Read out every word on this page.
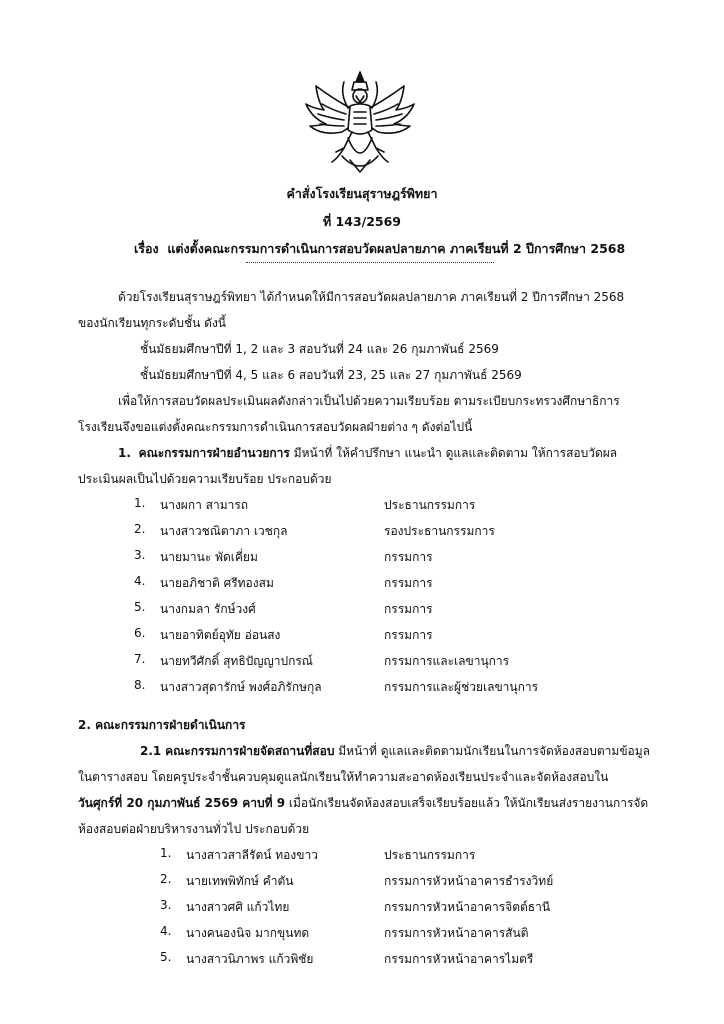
คำสั่งโรงเรียนสุราษฎร์พิทยา
ที่ 143/2569
เรื่อง แต่งตั้งคณะกรรมการดำเนินการสอบวัดผลปลายภาค ภาคเรียนที่ 2 ปีการศึกษา 2568
ด้วยโรงเรียนสุราษฎร์พิทยา ได้กำหนดให้มีการสอบวัดผลปลายภาค ภาคเรียนที่ 2 ปีการศึกษา 2568
ของนักเรียนทุกระดับชั้น ดังนี้
ชั้นมัธยมศึกษาปีที่ 1, 2 และ 3 สอบวันที่ 24 และ 26 กุมภาพันธ์ 2569
ชั้นมัธยมศึกษาปีที่ 4, 5 และ 6 สอบวันที่ 23, 25 และ 27 กุมภาพันธ์ 2569
เพื่อให้การสอบวัดผลประเมินผลดังกล่าวเป็นไปด้วยความเรียบร้อย ตามระเบียบกระทรวงศึกษาธิการ
โรงเรียนจึงขอแต่งตั้งคณะกรรมการดำเนินการสอบวัดผลฝ่ายต่าง ๆ ดังต่อไปนี้
1. คณะกรรมการฝ่ายอำนวยการ มีหน้าที่ ให้คำปรึกษา แนะนำ ดูแลและติดตาม ให้การสอบวัดผล
ประเมินผลเป็นไปด้วยความเรียบร้อย ประกอบด้วย
1. นางผกา สามารถ	ประธานกรรมการ
2. นางสาวชณิตาภา เวชกุล	รองประธานกรรมการ
3. นายมานะ พัดเคี่ยม	กรรมการ
4. นายอภิชาติ ศรีทองสม	กรรมการ
5. นางกมลา รักษ์วงศ์	กรรมการ
6. นายอาทิตย์อุทัย อ่อนสง	กรรมการ
7. นายทวีศักดิ์ สุทธิปัญญาปกรณ์	กรรมการและเลขานุการ
8. นางสาวสุดารักษ์ พงศ์อภิรักษกุล	กรรมการและผู้ช่วยเลขานุการ
2. คณะกรรมการฝ่ายดำเนินการ
2.1 คณะกรรมการฝ่ายจัดสถานที่สอบ มีหน้าที่ ดูแลและติดตามนักเรียนในการจัดห้องสอบตามข้อมูล
ในตารางสอบ โดยครูประจำชั้นควบคุมดูแลนักเรียนให้ทำความสะอาดห้องเรียนประจำและจัดห้องสอบใน
วันศุกร์ที่ 20 กุมภาพันธ์ 2569 คาบที่ 9 เมื่อนักเรียนจัดห้องสอบเสร็จเรียบร้อยแล้ว ให้นักเรียนส่งรายงานการจัด
ห้องสอบต่อฝ่ายบริหารงานทั่วไป ประกอบด้วย
1. นางสาวสาลีรัตน์ ทองขาว	ประธานกรรมการ
2. นายเทพพิทักษ์ คำตัน	กรรมการหัวหน้าอาคารธำรงวิทย์
3. นางสาวศศิ แก้วไทย	กรรมการหัวหน้าอาคารจิตต์ธานี
4. นางคนองนิจ มากขุนทด	กรรมการหัวหน้าอาคารสันติ
5. นางสาวนิภาพร แก้วพิชัย	กรรมการหัวหน้าอาคารไมตรี
